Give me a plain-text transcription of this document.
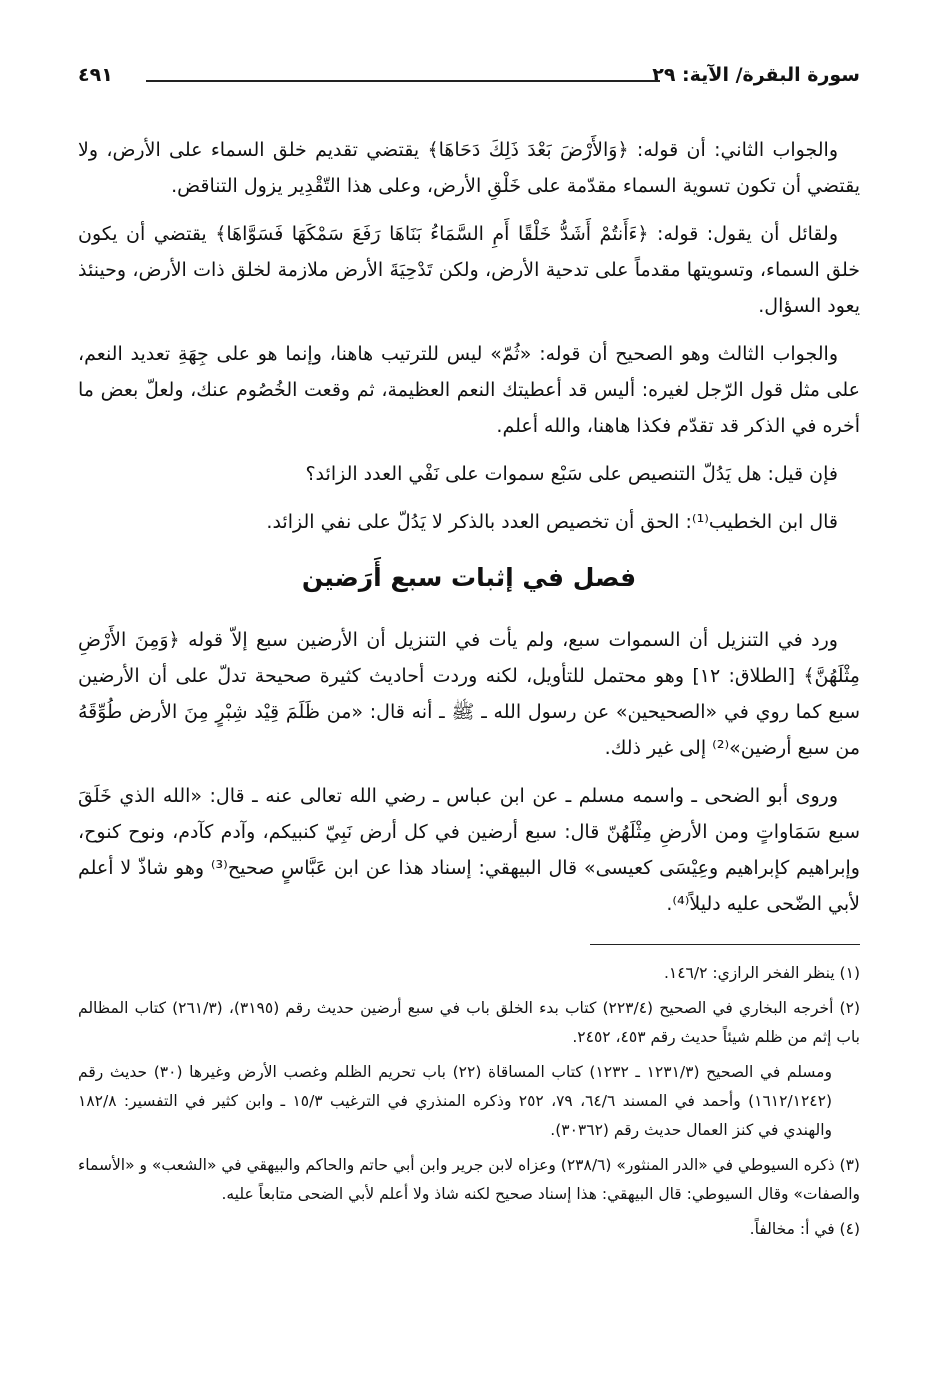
سورة البقرة/ الآية: ٢٩
٤٩١

والجواب الثاني: أن قوله: ﴿وَالأَرْضَ بَعْدَ ذَلِكَ دَحَاهَا﴾ يقتضي تقديم خلق السماء على الأرض، ولا يقتضي أن تكون تسوية السماء مقدّمة على خَلْقِ الأرض، وعلى هذا التّقْدِير يزول التناقض.

ولقائل أن يقول: قوله: ﴿ءَأَنتُمْ أَشَدُّ خَلْقًا أَمِ السَّمَاءُ بَنَاهَا رَفَعَ سَمْكَهَا فَسَوَّاهَا﴾ يقتضي أن يكون خلق السماء، وتسويتها مقدماً على تدحية الأرض، ولكن تَدْحِيَةَ الأرض ملازمة لخلق ذات الأرض، وحينئذ يعود السؤال.

والجواب الثالث وهو الصحيح أن قوله: «ثُمّ» ليس للترتيب هاهنا، وإنما هو على جِهَةِ تعديد النعم، على مثل قول الرّجل لغيره: أليس قد أعطيتك النعم العظيمة، ثم وقعت الخُصُوم عنك، ولعلّ بعض ما أخره في الذكر قد تقدّم فكذا هاهنا، والله أعلم.

فإن قيل: هل يَدُلّ التنصيص على سَبْع سموات على نَفْي العدد الزائد؟

قال ابن الخطيب⁽¹⁾: الحق أن تخصيص العدد بالذكر لا يَدُلّ على نفي الزائد.

فصل في إثبات سبع أَرَضين

ورد في التنزيل أن السموات سبع، ولم يأت في التنزيل أن الأرضين سبع إلاّ قوله ﴿وَمِنَ الأَرْضِ مِثْلَهُنَّ﴾ [الطلاق: ١٢] وهو محتمل للتأويل، لكنه وردت أحاديث كثيرة صحيحة تدلّ على أن الأرضين سبع كما روي في «الصحيحين» عن رسول الله ـ ﷺ ـ أنه قال: «من ظَلَمَ قِيْد شِبْرٍ مِنَ الأرض طُوِّقَهُ من سبع أرضين»⁽²⁾ إلى غير ذلك.

وروى أبو الضحى ـ واسمه مسلم ـ عن ابن عباس ـ رضي الله تعالى عنه ـ قال: «الله الذي خَلَقَ سبع سَمَاواتٍ ومن الأرضِ مِثْلَهُنّ قال: سبع أرضين في كل أرض نَبِيّ كنبيكم، وآدم كآدم، ونوح كنوح، وإبراهيم كإبراهيم وعِيْسَى كعيسى» قال البيهقي: إسناد هذا عن ابن عَبَّاسٍ صحيح⁽³⁾ وهو شاذّ لا أعلم لأبي الضّحى عليه دليلاً⁽⁴⁾.

(١) ينظر الفخر الرازي: ١٤٦/٢.

(٢) أخرجه البخاري في الصحيح (٢٢٣/٤) كتاب بدء الخلق باب في سبع أرضين حديث رقم (٣١٩٥)، (٢٦١/٣) كتاب المظالم باب إثم من ظلم شيئاً حديث رقم ٤٥٣، ٢٤٥٢.

ومسلم في الصحيح (١٢٣١/٣ ـ ١٢٣٢) كتاب المساقاة (٢٢) باب تحريم الظلم وغصب الأرض وغيرها (٣٠) حديث رقم (١٦١٢/١٢٤٢) وأحمد في المسند ٦٤/٦، ٧٩، ٢٥٢ وذكره المنذري في الترغيب ١٥/٣ ـ وابن كثير في التفسير: ١٨٢/٨ والهندي في كنز العمال حديث رقم (٣٠٣٦٢).

(٣) ذكره السيوطي في «الدر المنثور» (٢٣٨/٦) وعزاه لابن جرير وابن أبي حاتم والحاكم والبيهقي في «الشعب» و «الأسماء والصفات» وقال السيوطي: قال البيهقي: هذا إسناد صحيح لكنه شاذ ولا أعلم لأبي الضحى متابعاً عليه.

(٤) في أ: مخالفاً.
